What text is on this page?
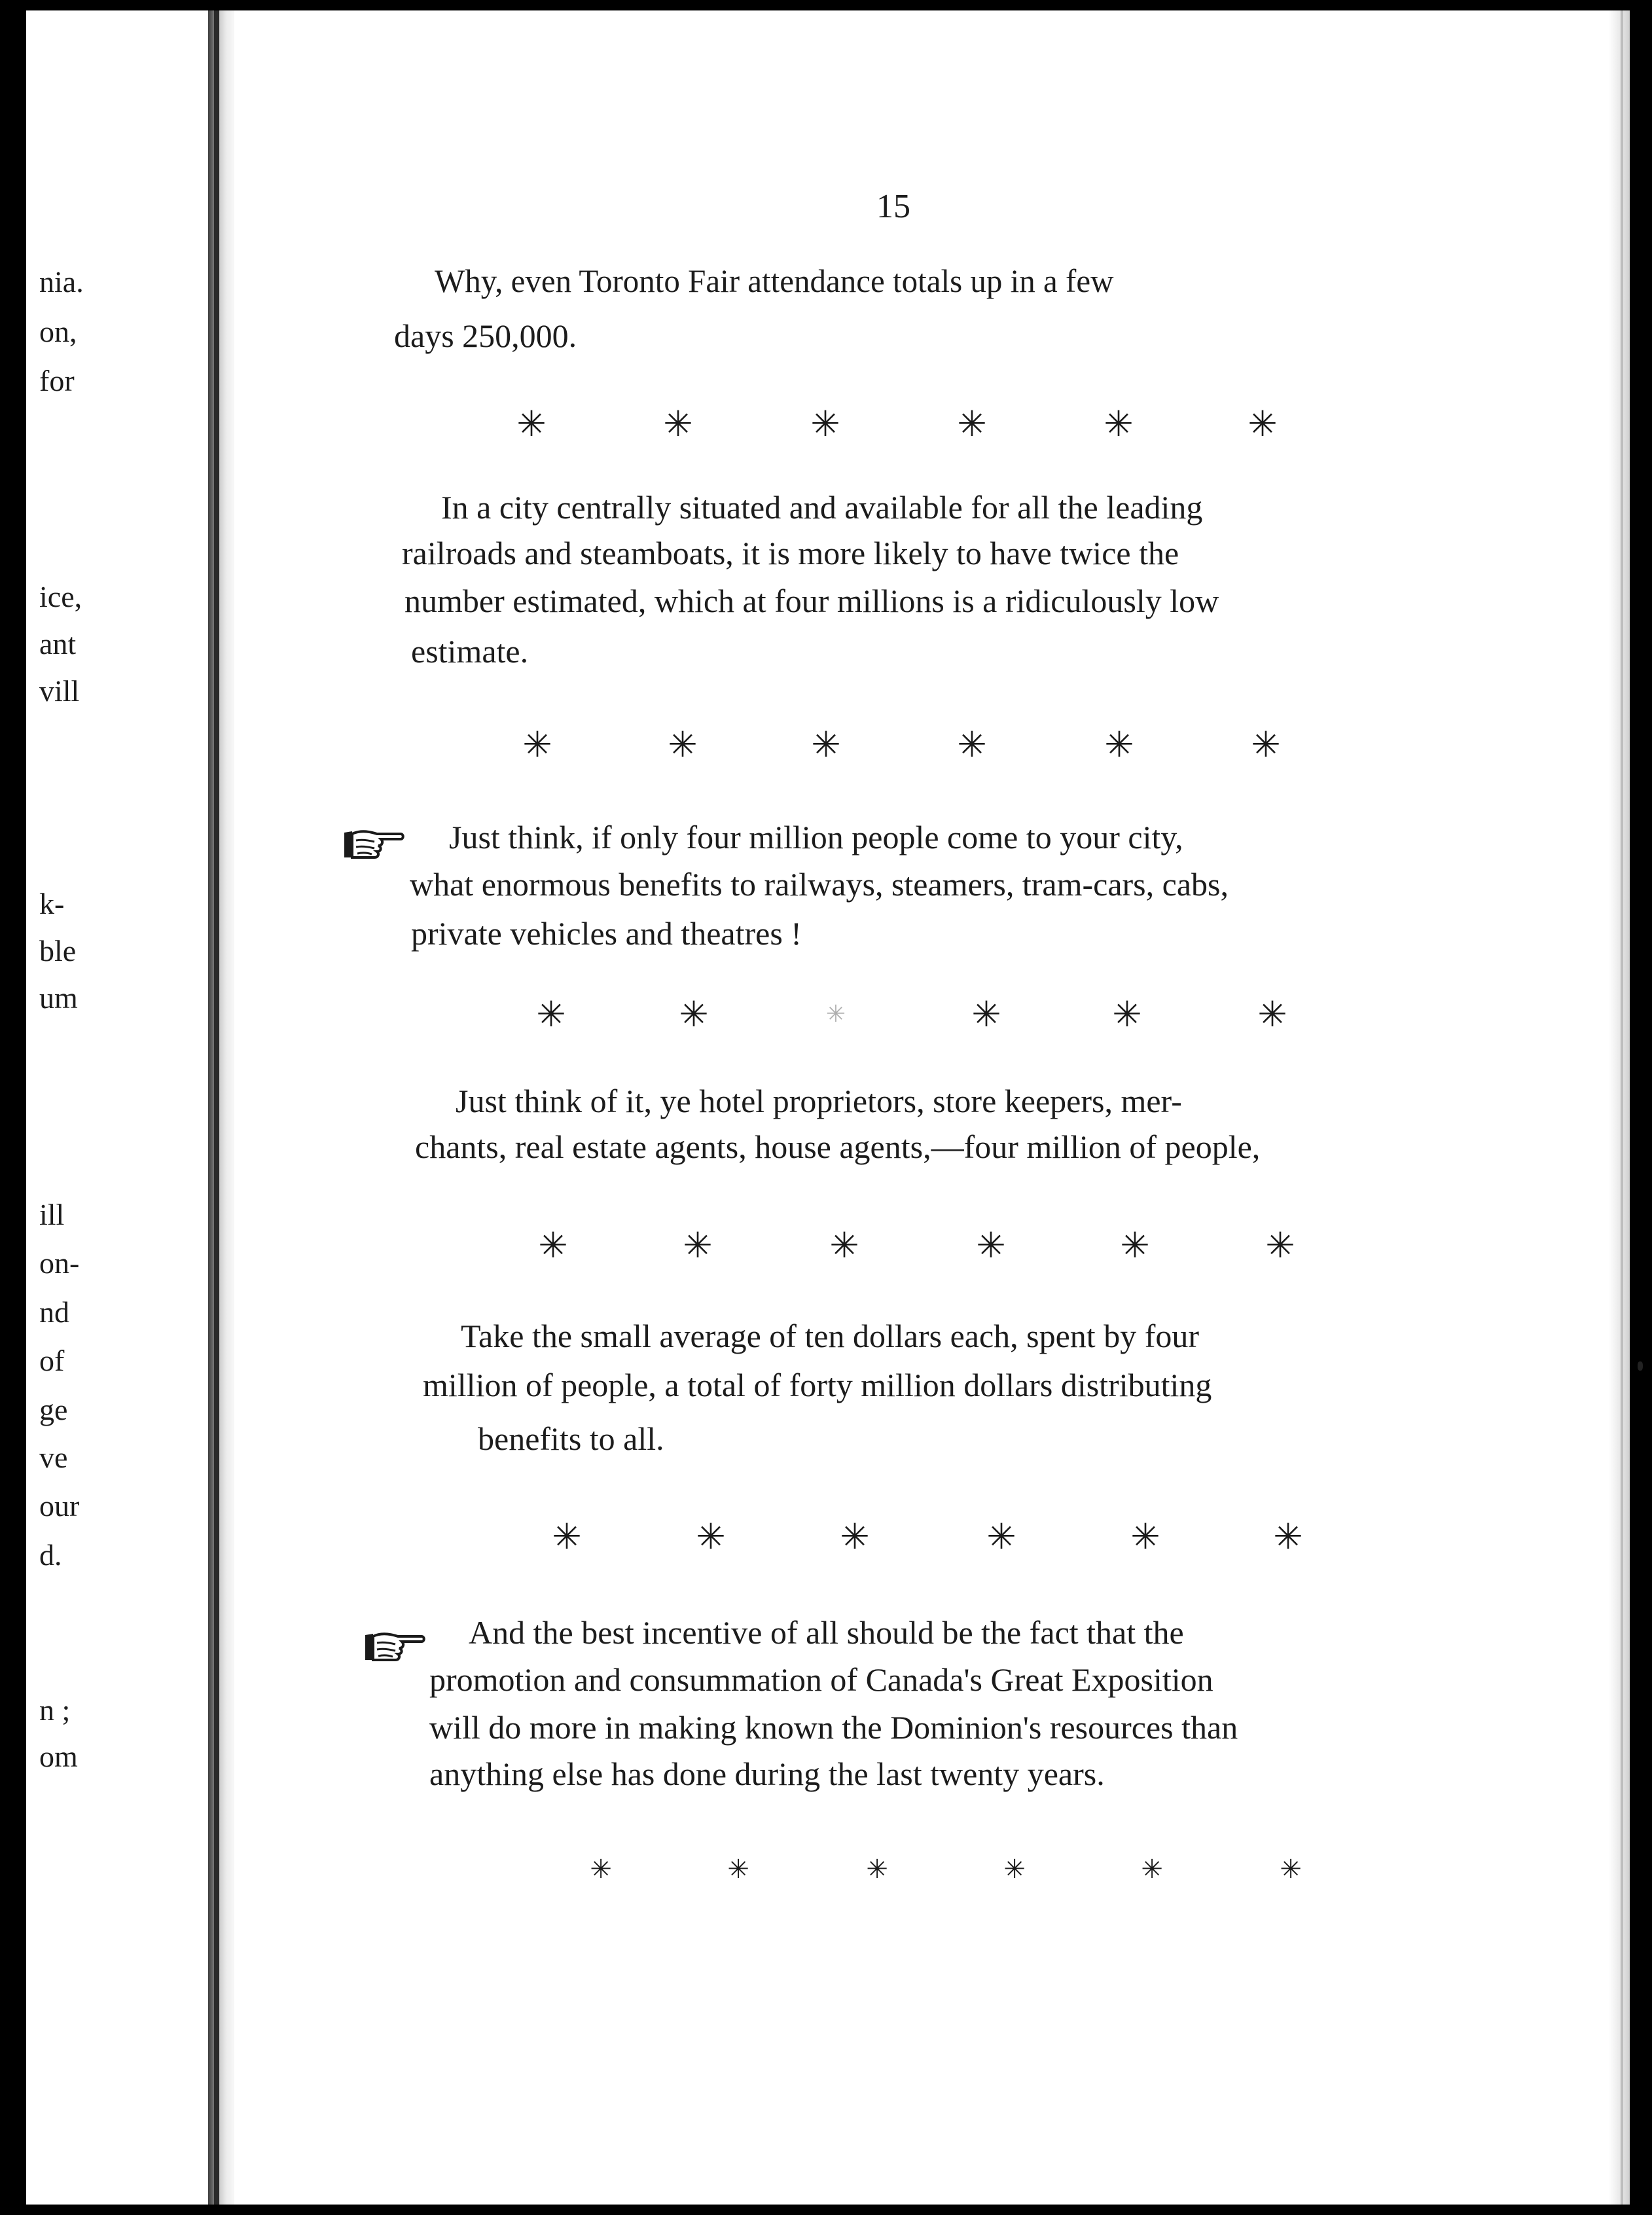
nia.
on,
for
ice,
ant
vill
k-
ble
um
ill
on-
nd
of
ge
ve
our
d.
n ;
om
15
Why, even Toronto Fair attendance totals up in a few
days 250,000.
✳	✳	✳	✳	✳	✳
In a city centrally situated and available for all the leading
railroads and steamboats, it is more likely to have twice the
number estimated, which at four millions is a ridiculously low
estimate.
✳	✳	✳	✳	✳	✳
Just think, if only four million people come to your city,
what enormous benefits to railways, steamers, tram-cars, cabs,
private vehicles and theatres !
✳	✳	✳	✳	✳	✳
Just think of it, ye hotel proprietors, store keepers, mer-
chants, real estate agents, house agents,—four million of people,
✳	✳	✳	✳	✳	✳
Take the small average of ten dollars each, spent by four
million of people, a total of forty million dollars distributing
benefits to all.
✳	✳	✳	✳	✳	✳
And the best incentive of all should be the fact that the
promotion and consummation of Canada's Great Exposition
will do more in making known the Dominion's resources than
anything else has done during the last twenty years.
✳	✳	✳	✳	✳	✳
